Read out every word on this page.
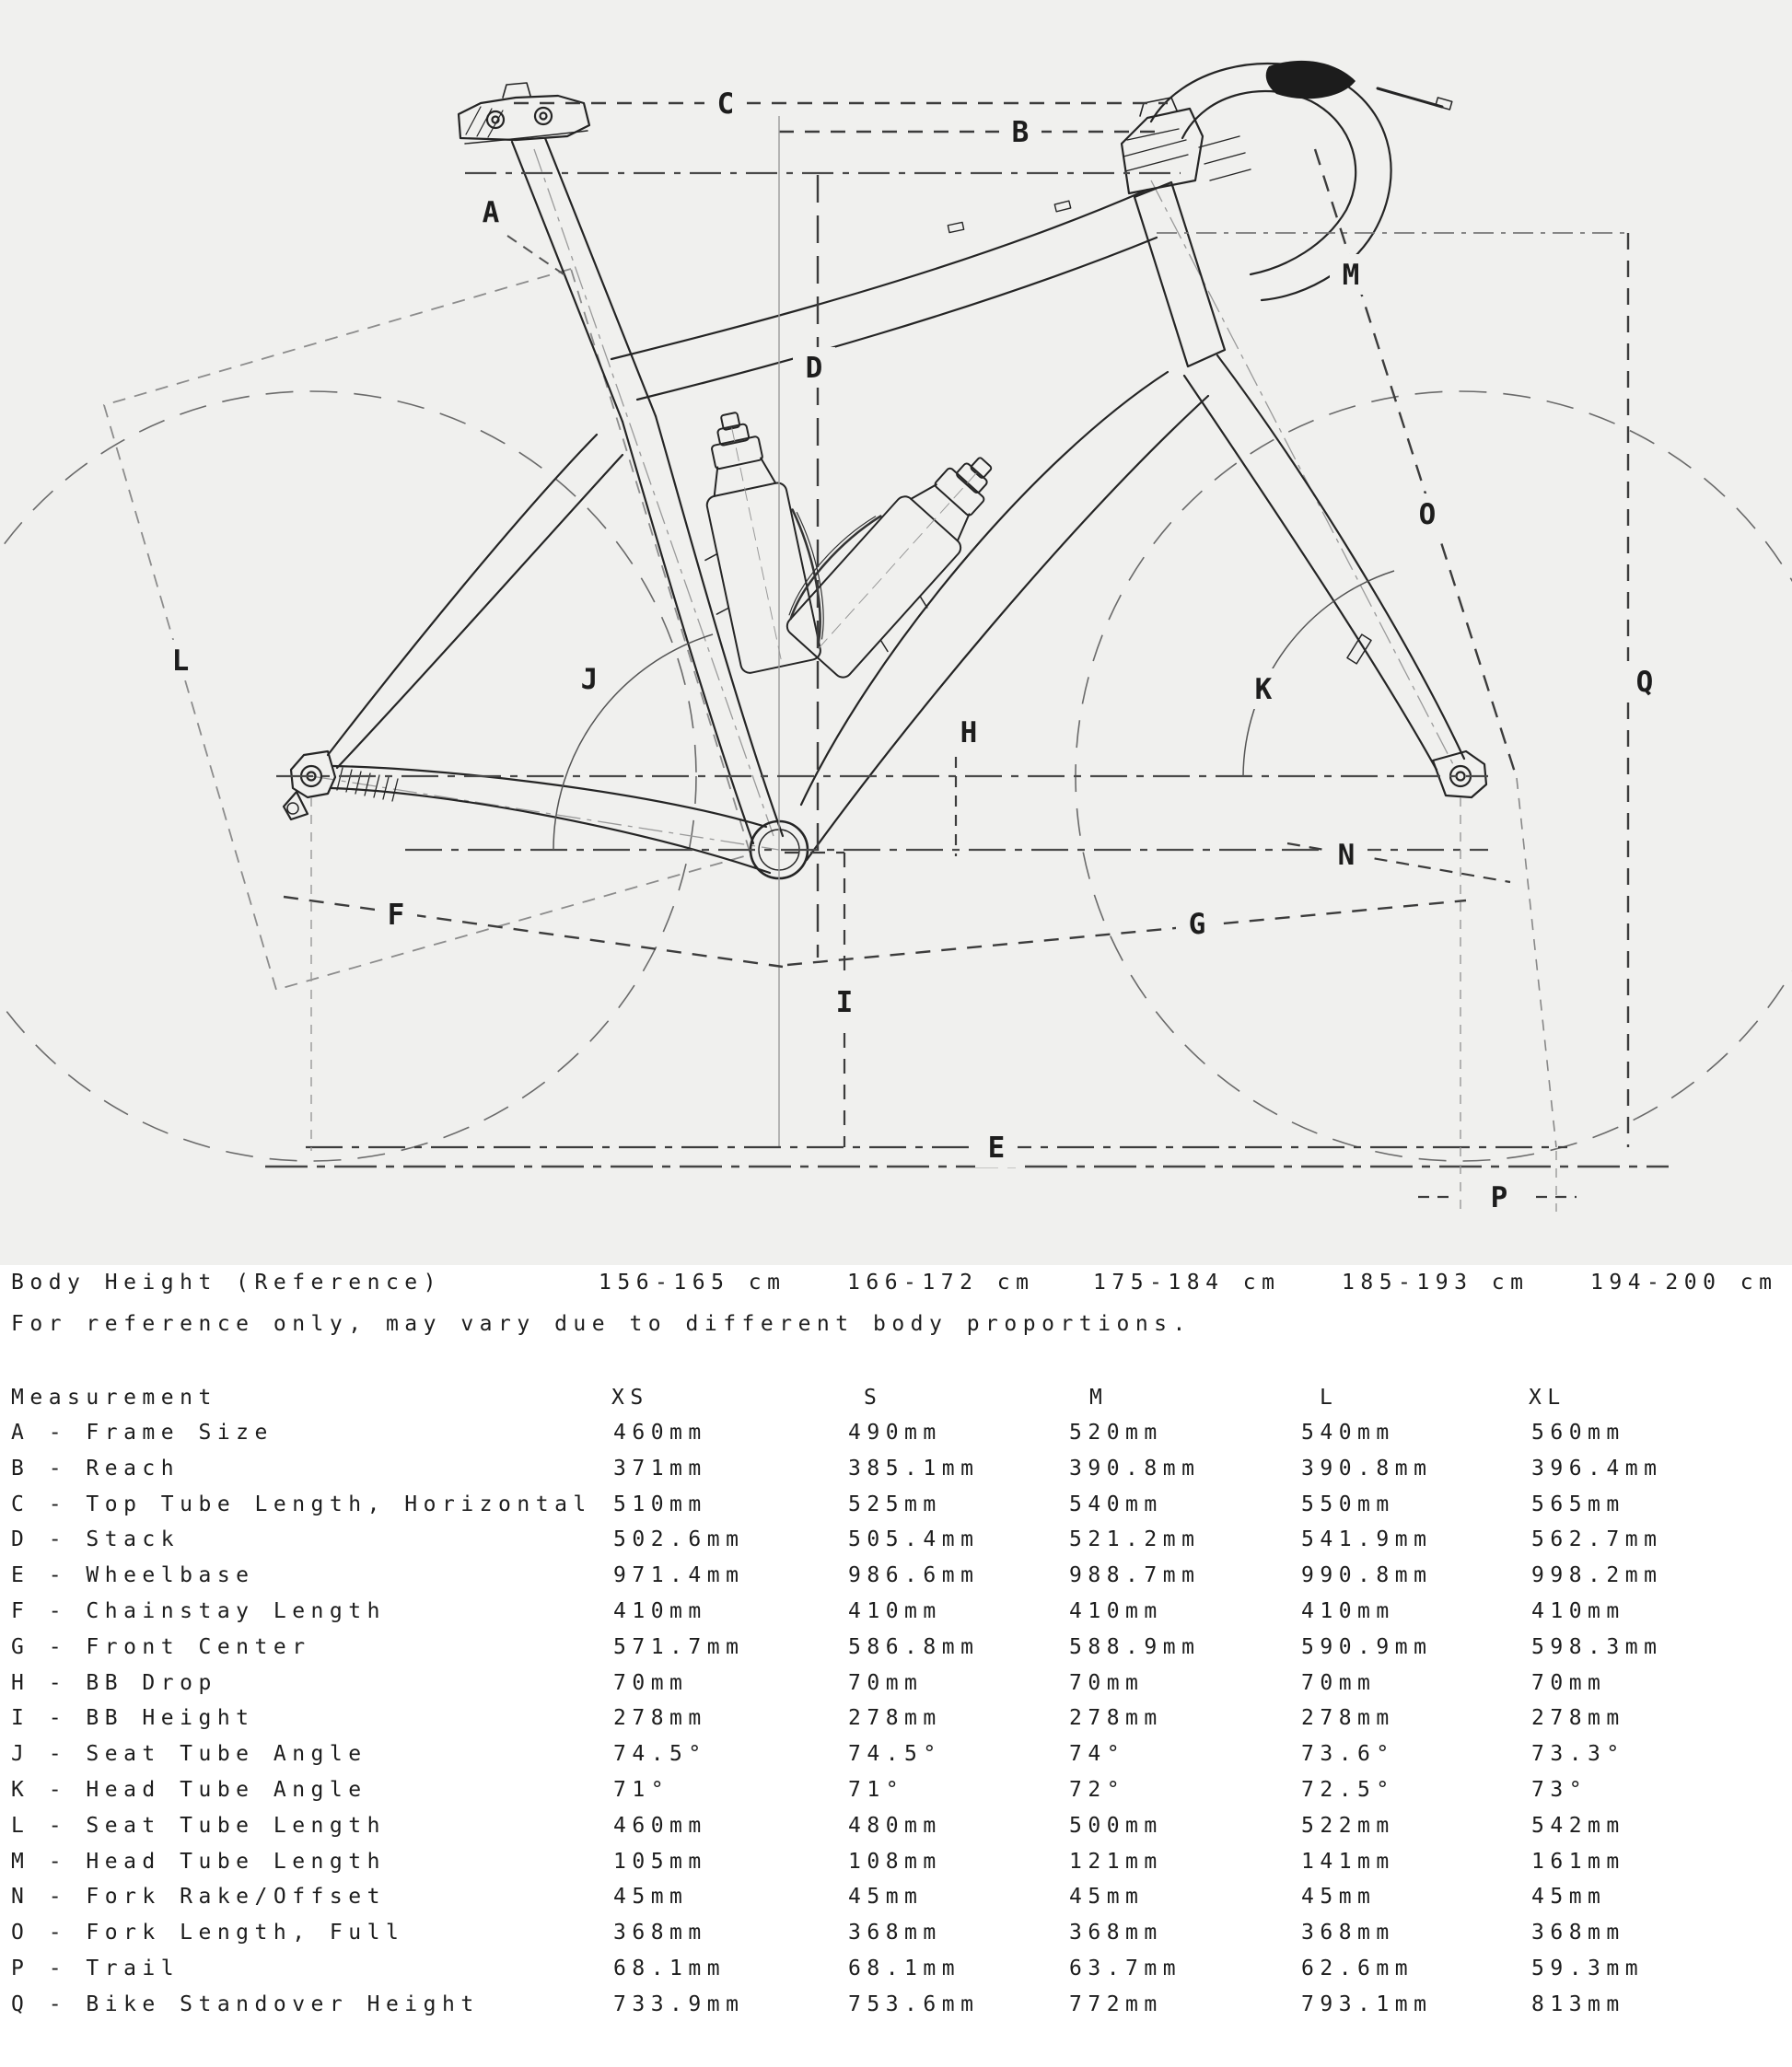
A
B
C
D
E
F	G
H
I
J	K
L
M
N
O
P
Q

Body Height (Reference)

	156-165 cm	166-172 cm	175-184 cm	185-193 cm	194-200 cm

For reference only, may vary due to different body proportions.

Measurement

	XS	S	M	L	XL

A - Frame Size	460mm	490mm	520mm	540mm	560mm
B - Reach	371mm	385.1mm	390.8mm	390.8mm	396.4mm
C - Top Tube Length, Horizontal 510mm	525mm	540mm	550mm	565mm
D - Stack	502.6mm	505.4mm	521.2mm	541.9mm	562.7mm
E - Wheelbase	971.4mm	986.6mm	988.7mm	990.8mm	998.2mm
F - Chainstay Length	410mm	410mm	410mm	410mm	410mm
G - Front Center	571.7mm	586.8mm	588.9mm	590.9mm	598.3mm
H - BB Drop	70mm	70mm	70mm	70mm	70mm
I - BB Height	278mm	278mm	278mm	278mm	278mm
J - Seat Tube Angle	74.5°	74.5°	74°	73.6°	73.3°
K - Head Tube Angle	71°	71°	72°	72.5°	73°
L - Seat Tube Length	460mm	480mm	500mm	522mm	542mm
M - Head Tube Length	105mm	108mm	121mm	141mm	161mm
N - Fork Rake/Offset	45mm	45mm	45mm	45mm	45mm
O - Fork Length, Full	368mm	368mm	368mm	368mm	368mm
P - Trail	68.1mm	68.1mm	63.7mm	62.6mm	59.3mm
Q - Bike Standover Height	733.9mm	753.6mm	772mm	793.1mm	813mm
